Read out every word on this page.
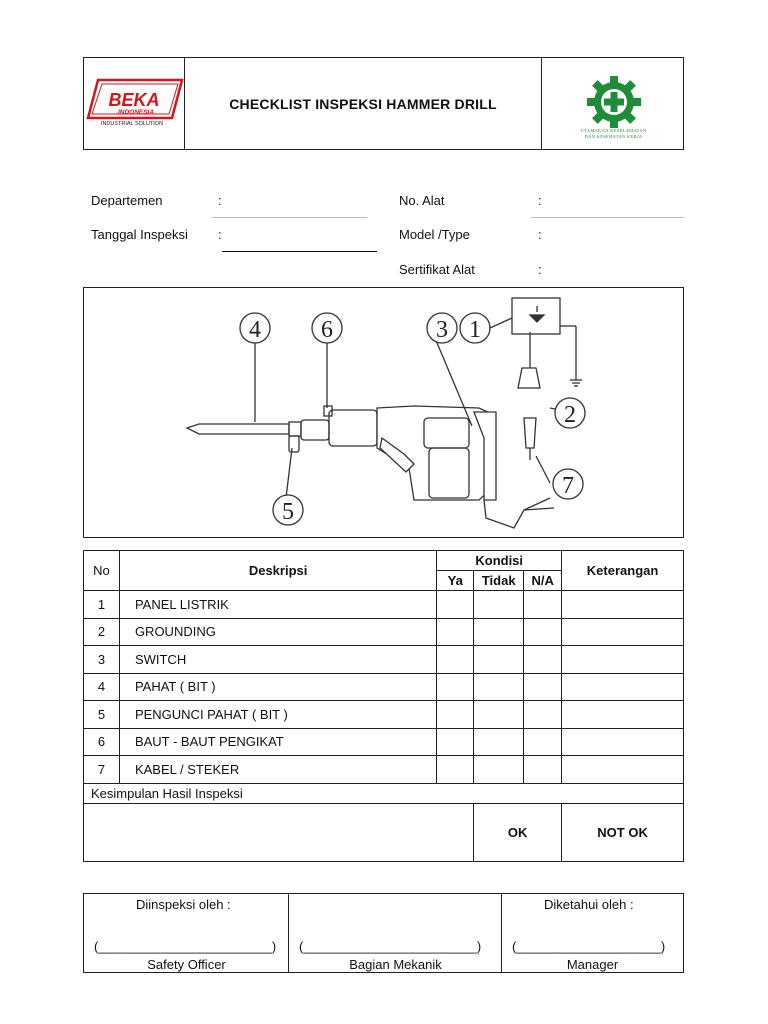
BEKA
INDONESIA
INDUSTRIAL SOLUTION
CHECKLIST INSPEKSI HAMMER DRILL
UTAMAKAN KESELAMATAN
DAN KESEHATAN KERJA
Departemen	:
Tanggal Inspeksi :
No. Alat	:
Model /Type	:
Sertifikat Alat	:
4	6	3 1
2
5
7
No	Deskripsi	Kondisi			Keterangan
		Ya	Tidak	N/A	
1	PANEL LISTRIK				
2	GROUNDING				
3	SWITCH				
4	PAHAT ( BIT )				
5	PENGUNCI PAHAT ( BIT )				
6	BAUT - BAUT PENGIKAT				
7	KABEL / STEKER				
Kesimpulan Hasil Inspeksi					
			OK		NOT OK
Diinspeksi oleh :
(________________________)
Safety Officer
(________________________)
Bagian Mekanik
Diketahui oleh :
(____________________)
Manager
